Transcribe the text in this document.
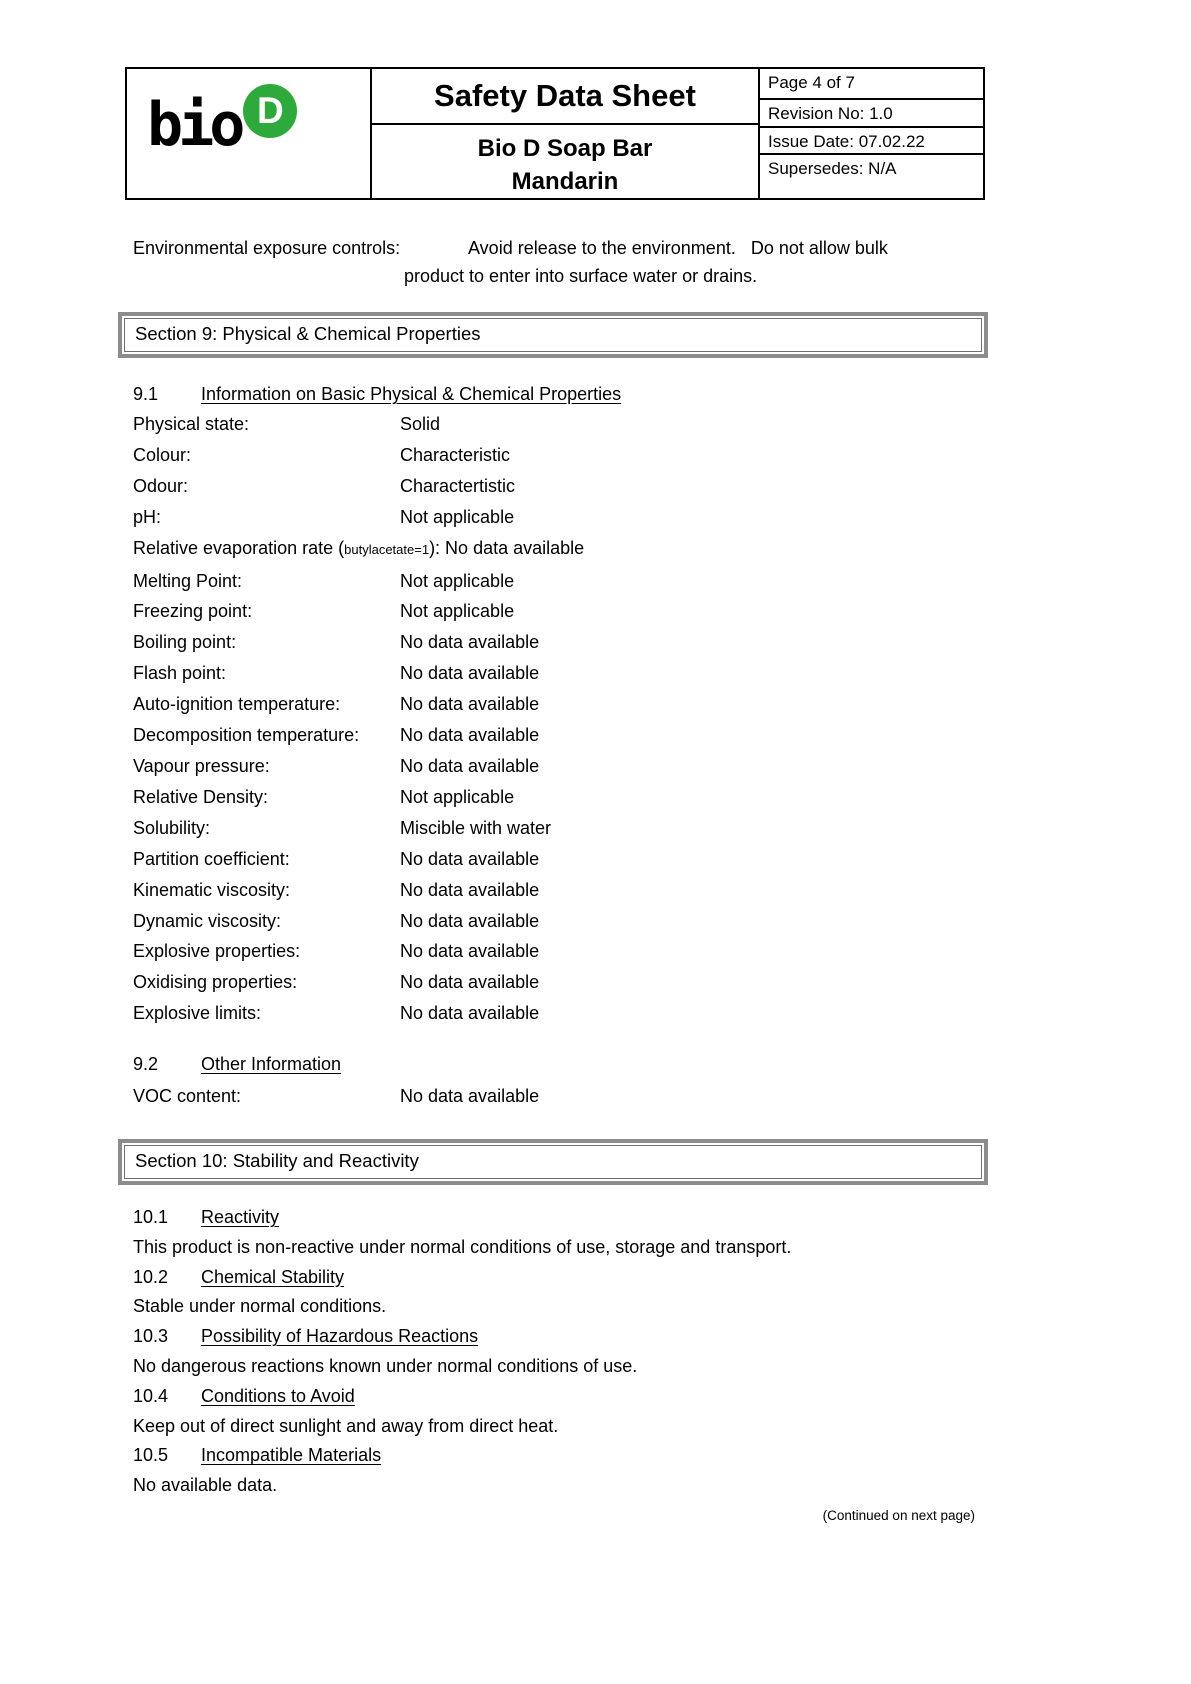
bio D	Safety Data Sheet
Bio D Soap Bar
Mandarin
Page 4 of 7
Revision No: 1.0
Issue Date: 07.02.22
Supersedes: N/A
Environmental exposure controls:	Avoid release to the environment.   Do not allow bulk
product to enter into surface water or drains.
Section 9: Physical & Chemical Properties
9.1 Information on Basic Physical & Chemical Properties
Physical state:	Solid
Colour:	Characteristic
Odour:	Charactertistic
pH:	Not applicable
Relative evaporation rate (butylacetate=1): No data available
Melting Point:	Not applicable
Freezing point:	Not applicable
Boiling point:	No data available
Flash point:	No data available
Auto-ignition temperature:	No data available
Decomposition temperature: No data available
Vapour pressure:	No data available
Relative Density:	Not applicable
Solubility:	Miscible with water
Partition coefficient:	No data available
Kinematic viscosity:	No data available
Dynamic viscosity:	No data available
Explosive properties:	No data available
Oxidising properties:	No data available
Explosive limits:	No data available
9.2 Other Information
VOC content:	No data available
Section 10: Stability and Reactivity
10.1 Reactivity
This product is non-reactive under normal conditions of use, storage and transport.
10.2 Chemical Stability
Stable under normal conditions.
10.3 Possibility of Hazardous Reactions
No dangerous reactions known under normal conditions of use.
10.4 Conditions to Avoid
Keep out of direct sunlight and away from direct heat.
10.5 Incompatible Materials
No available data.
(Continued on next page)
